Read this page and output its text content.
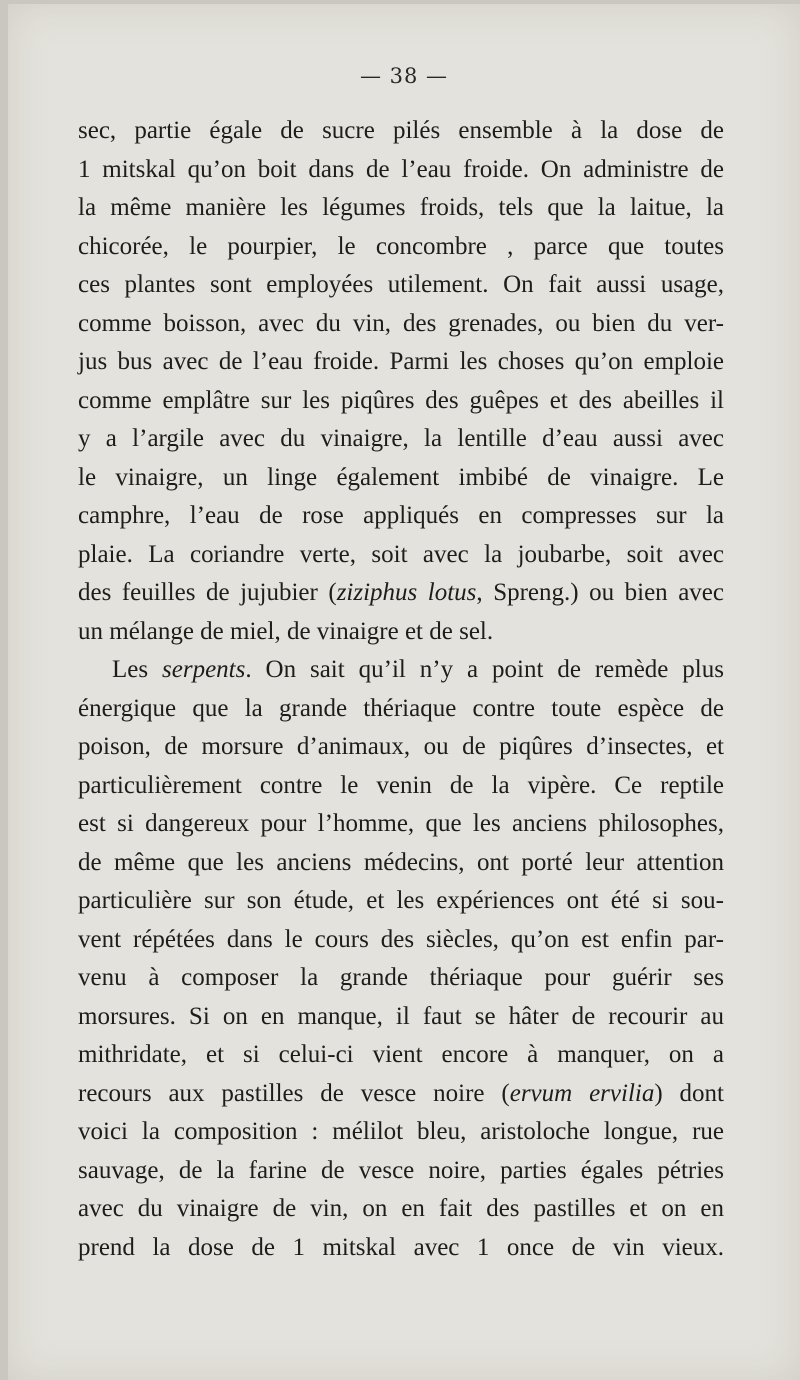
— 38 —
sec, partie égale de sucre pilés ensemble à la dose de
1 mitskal qu’on boit dans de l’eau froide. On administre de
la même manière les légumes froids, tels que la laitue, la
chicorée, le pourpier, le concombre , parce que toutes
ces plantes sont employées utilement. On fait aussi usage,
comme boisson, avec du vin, des grenades, ou bien du ver-
jus bus avec de l’eau froide. Parmi les choses qu’on emploie
comme emplâtre sur les piqûres des guêpes et des abeilles il
y a l’argile avec du vinaigre, la lentille d’eau aussi avec
le vinaigre, un linge également imbibé de vinaigre. Le
camphre, l’eau de rose appliqués en compresses sur la
plaie. La coriandre verte, soit avec la joubarbe, soit avec
des feuilles de jujubier (ziziphus lotus, Spreng.) ou bien avec
un mélange de miel, de vinaigre et de sel.
Les serpents. On sait qu’il n’y a point de remède plus
énergique que la grande thériaque contre toute espèce de
poison, de morsure d’animaux, ou de piqûres d’insectes, et
particulièrement contre le venin de la vipère. Ce reptile
est si dangereux pour l’homme, que les anciens philosophes,
de même que les anciens médecins, ont porté leur attention
particulière sur son étude, et les expériences ont été si sou-
vent répétées dans le cours des siècles, qu’on est enfin par-
venu à composer la grande thériaque pour guérir ses
morsures. Si on en manque, il faut se hâter de recourir au
mithridate, et si celui-ci vient encore à manquer, on a
recours aux pastilles de vesce noire (ervum ervilia) dont
voici la composition : mélilot bleu, aristoloche longue, rue
sauvage, de la farine de vesce noire, parties égales pétries
avec du vinaigre de vin, on en fait des pastilles et on en
prend la dose de 1 mitskal avec 1 once de vin vieux.
